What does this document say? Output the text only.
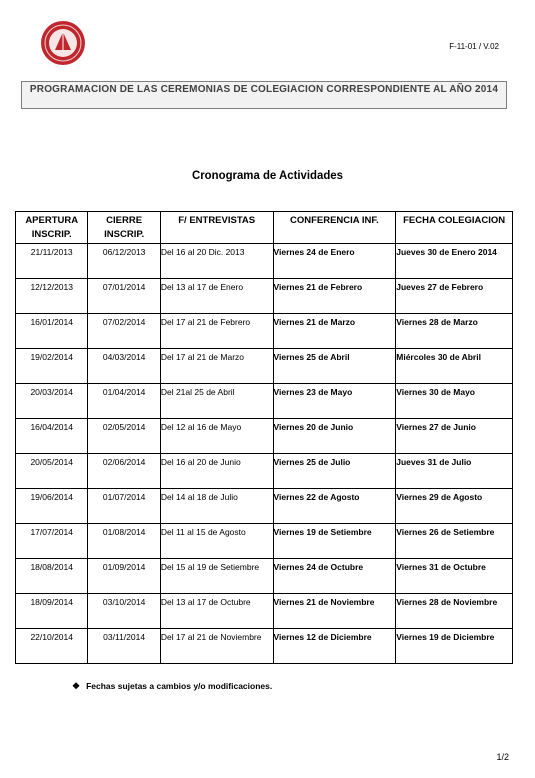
F-11-01 / V.02
PROGRAMACION DE LAS CEREMONIAS DE COLEGIACION CORRESPONDIENTE AL AÑO 2014
Cronograma de Actividades
APERTURA INSCRIP.	CIERRE INSCRIP.	F/ ENTREVISTAS	CONFERENCIA INF.	FECHA COLEGIACION
21/11/2013	06/12/2013	Del 16 al 20 Dic. 2013	Viernes 24 de Enero	Jueves 30 de Enero 2014
12/12/2013	07/01/2014	Del 13 al 17 de Enero	Viernes 21 de Febrero	Jueves 27 de Febrero
16/01/2014	07/02/2014	Del 17 al 21 de Febrero	Viernes 21 de Marzo	Viernes 28 de Marzo
19/02/2014	04/03/2014	Del 17 al 21 de Marzo	Viernes 25 de Abril	Miércoles 30 de Abril
20/03/2014	01/04/2014	Del 21al 25 de Abril	Viernes 23 de Mayo	Viernes 30 de Mayo
16/04/2014	02/05/2014	Del 12 al 16 de Mayo	Viernes 20 de Junio	Viernes 27 de Junio
20/05/2014	02/06/2014	Del 16 al 20 de Junio	Viernes 25 de Julio	Jueves 31 de Julio
19/06/2014	01/07/2014	Del 14 al 18 de Julio	Viernes 22 de Agosto	Viernes 29 de Agosto
17/07/2014	01/08/2014	Del 11 al 15 de Agosto	Viernes 19 de Setiembre	Viernes 26 de Setiembre
18/08/2014	01/09/2014	Del 15 al 19 de Setiembre	Viernes 24 de Octubre	Viernes 31 de Octubre
18/09/2014	03/10/2014	Del 13 al 17 de Octubre	Viernes 21 de Noviembre	Viernes 28 de Noviembre
22/10/2014	03/11/2014	Del 17 al 21 de Noviembre	Viernes 12 de Diciembre	Viernes 19 de Diciembre
❖ Fechas sujetas a cambios y/o modificaciones.
1/2
